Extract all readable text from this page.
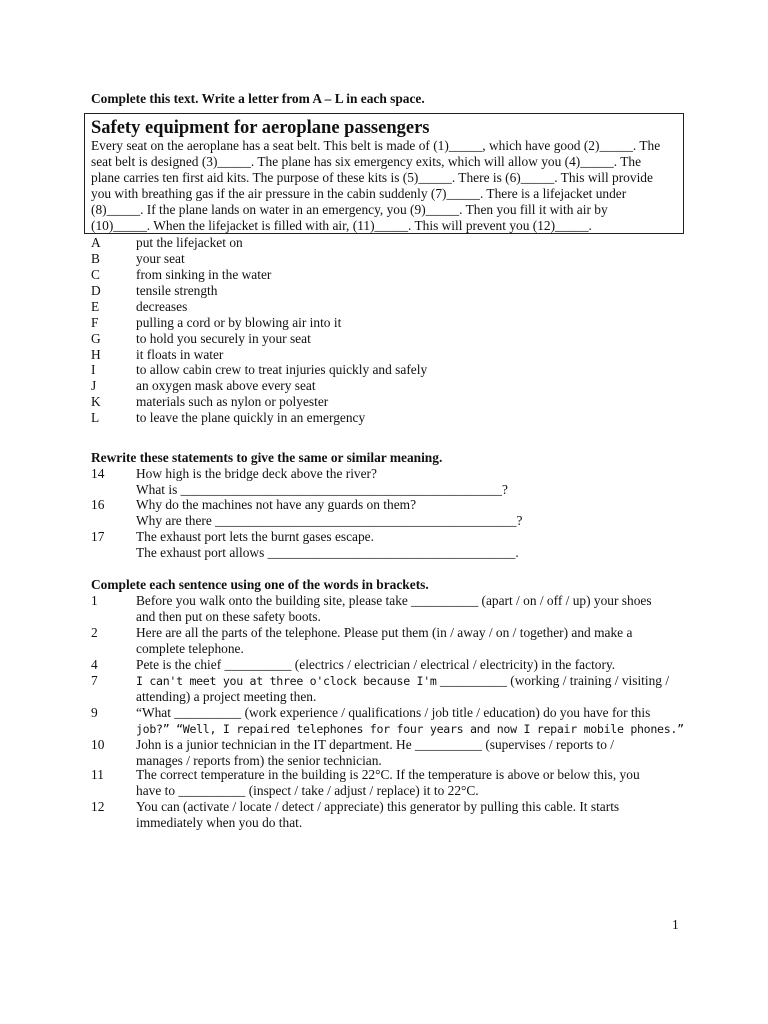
Complete this text. Write a letter from A – L in each space.
Safety equipment for aeroplane passengers
Every seat on the aeroplane has a seat belt. This belt is made of (1)_____, which have good (2)_____. The
seat belt is designed (3)_____. The plane has six emergency exits, which will allow you (4)_____. The
plane carries ten first aid kits. The purpose of these kits is (5)_____. There is (6)_____. This will provide
you with breathing gas if the air pressure in the cabin suddenly (7)_____. There is a lifejacket under
(8)_____. If the plane lands on water in an emergency, you (9)_____. Then you fill it with air by
(10)_____. When the lifejacket is filled with air, (11)_____. This will prevent you (12)_____.
A	put the lifejacket on
B	your seat
C	from sinking in the water
D	tensile strength
E	decreases
F	pulling a cord or by blowing air into it
G	to hold you securely in your seat
H	it floats in water
I	to allow cabin crew to treat injuries quickly and safely
J	an oxygen mask above every seat
K	materials such as nylon or polyester
L	to leave the plane quickly in an emergency
Rewrite these statements to give the same or similar meaning.
14 How high is the bridge deck above the river?
What is ________________________________________________?
16 Why do the machines not have any guards on them?
Why are there _____________________________________________?
17 The exhaust port lets the burnt gases escape.
The exhaust port allows _____________________________________.
Complete each sentence using one of the words in brackets.
1	Before you walk onto the building site, please take __________ (apart / on / off / up) your shoes
and then put on these safety boots.
2	Here are all the parts of the telephone. Please put them (in / away / on / together) and make a
complete telephone.
4	Pete is the chief __________ (electrics / electrician / electrical / electricity) in the factory.
7	I can't meet you at three o'clock because I'm __________ (working / training / visiting /
attending) a project meeting then.
9	“What __________ (work experience / qualifications / job title / education) do you have for this
job?” “Well, I repaired telephones for four years and now I repair mobile phones.”
10 John is a junior technician in the IT department. He __________ (supervises / reports to /
manages / reports from) the senior technician.
11 The correct temperature in the building is 22°C. If the temperature is above or below this, you
have to __________ (inspect / take / adjust / replace) it to 22°C.
12 You can (activate / locate / detect / appreciate) this generator by pulling this cable. It starts
immediately when you do that.
1
